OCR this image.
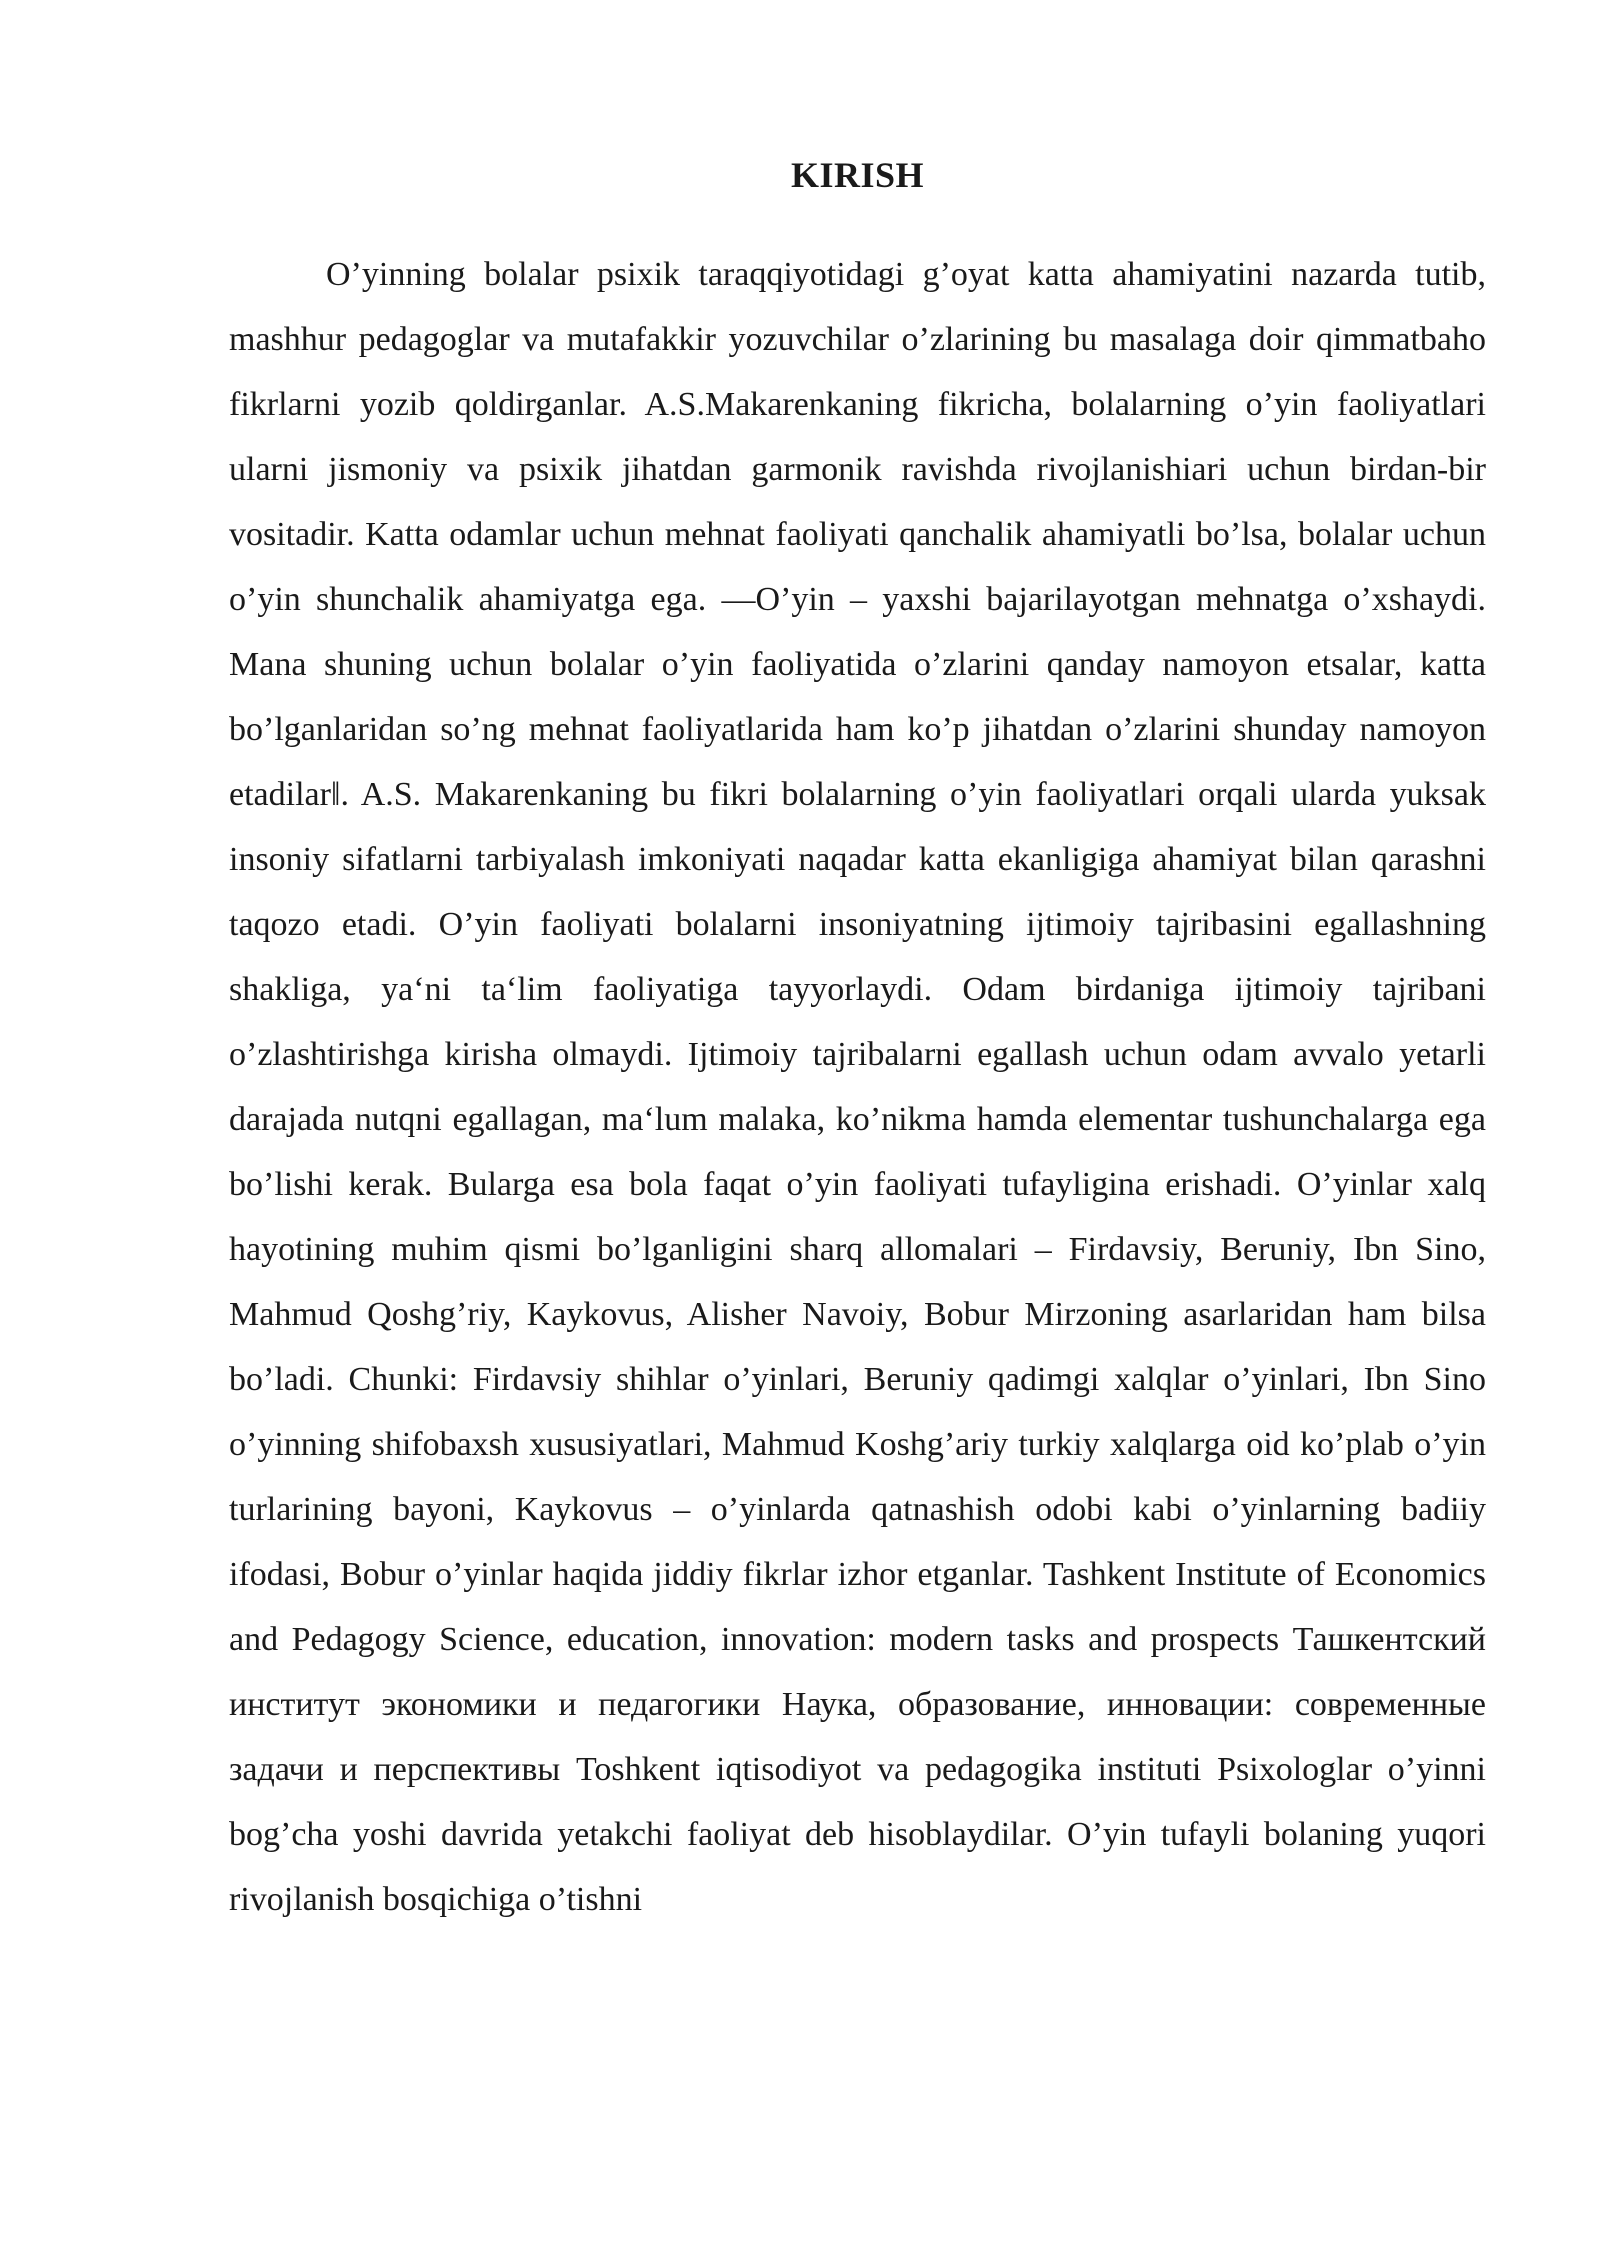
KIRISH

O’yinning bolalar psixik taraqqiyotidagi g’oyat katta ahamiyatini nazarda tutib, mashhur pedagoglar va mutafakkir yozuvchilar o’zlarining bu masalaga doir qimmatbaho fikrlarni yozib qoldirganlar. A.S.Makarenkaning fikricha, bolalarning o’yin faoliyatlari ularni jismoniy va psixik jihatdan garmonik ravishda rivojlanishiari uchun birdan-bir vositadir. Katta odamlar uchun mehnat faoliyati qanchalik ahamiyatli bo’lsa, bolalar uchun o’yin shunchalik ahamiyatga ega. ―O’yin – yaxshi bajarilayotgan mehnatga o’xshaydi. Mana shuning uchun bolalar o’yin faoliyatida o’zlarini qanday namoyon etsalar, katta bo’lganlaridan so’ng mehnat faoliyatlarida ham ko’p jihatdan o’zlarini shunday namoyon etadilar‖. A.S. Makarenkaning bu fikri bolalarning o’yin faoliyatlari orqali ularda yuksak insoniy sifatlarni tarbiyalash imkoniyati naqadar katta ekanligiga ahamiyat bilan qarashni taqozo etadi. O’yin faoliyati bolalarni insoniyatning ijtimoiy tajribasini egallashning shakliga, ya‘ni ta‘lim faoliyatiga tayyorlaydi. Odam birdaniga ijtimoiy tajribani o’zlashtirishga kirisha olmaydi. Ijtimoiy tajribalarni egallash uchun odam avvalo yetarli darajada nutqni egallagan, ma‘lum malaka, ko’nikma hamda elementar tushunchalarga ega bo’lishi kerak. Bularga esa bola faqat o’yin faoliyati tufayligina erishadi. O’yinlar xalq hayotining muhim qismi bo’lganligini sharq allomalari – Firdavsiy, Beruniy, Ibn Sino, Mahmud Qoshg’riy, Kaykovus, Alisher Navoiy, Bobur Mirzoning asarlaridan ham bilsa bo’ladi. Chunki: Firdavsiy shihlar o’yinlari, Beruniy qadimgi xalqlar o’yinlari, Ibn Sino o’yinning shifobaxsh xususiyatlari, Mahmud Koshg’ariy turkiy xalqlarga oid ko’plab o’yin turlarining bayoni, Kaykovus – o’yinlarda qatnashish odobi kabi o’yinlarning badiiy ifodasi, Bobur o’yinlar haqida jiddiy fikrlar izhor etganlar. Tashkent Institute of Economics and Pedagogy Science, education, innovation: modern tasks and prospects Ташкентский институт экономики и педагогики Наука, образование, инновации: современные задачи и перспективы Toshkent iqtisodiyot va pedagogika instituti Psixologlar o’yinni bog’cha yoshi davrida yetakchi faoliyat deb hisoblaydilar. O’yin tufayli bolaning yuqori rivojlanish bosqichiga o’tishni
